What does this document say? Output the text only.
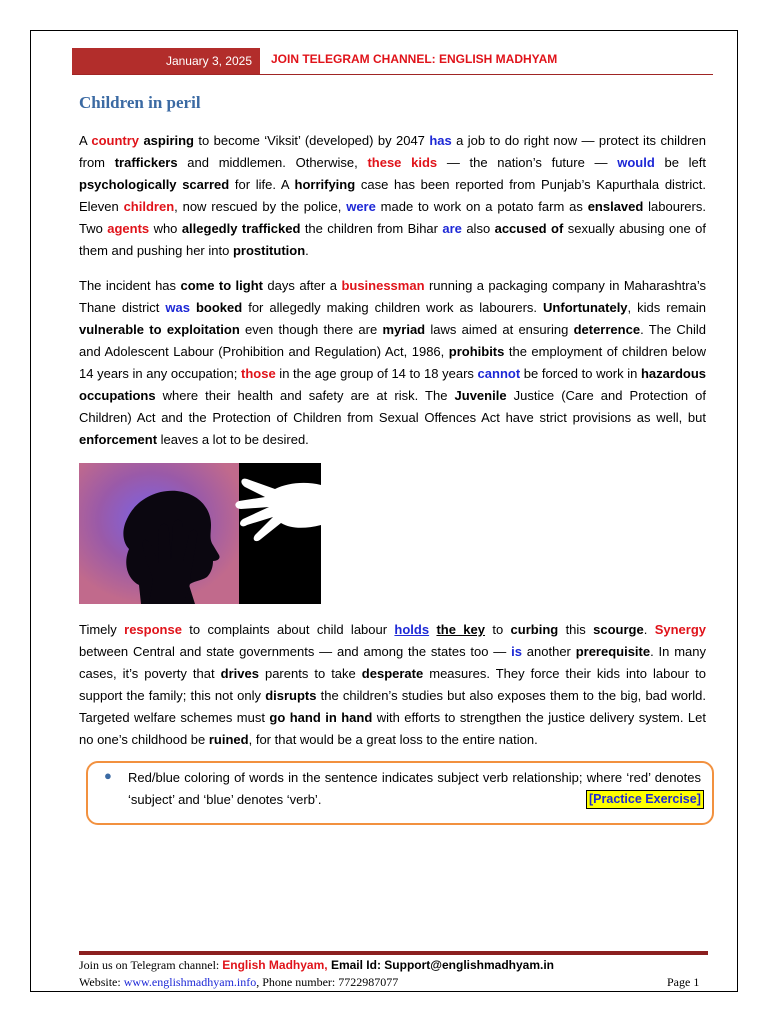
January 3, 2025	JOIN TELEGRAM CHANNEL: ENGLISH MADHYAM
Children in peril

A country aspiring to become ‘Viksit’ (developed) by 2047 has a job to do right now — protect its children from traffickers and middlemen. Otherwise, these kids — the nation’s future — would be left psychologically scarred for life. A horrifying case has been reported from Punjab’s Kapurthala district. Eleven children, now rescued by the police, were made to work on a potato farm as enslaved labourers. Two agents who allegedly trafficked the children from Bihar are also accused of sexually abusing one of them and pushing her into prostitution.

The incident has come to light days after a businessman running a packaging company in Maharashtra’s Thane district was booked for allegedly making children work as labourers. Unfortunately, kids remain vulnerable to exploitation even though there are myriad laws aimed at ensuring deterrence. The Child and Adolescent Labour (Prohibition and Regulation) Act, 1986, prohibits the employment of children below 14 years in any occupation; those in the age group of 14 to 18 years cannot be forced to work in hazardous occupations where their health and safety are at risk. The Juvenile Justice (Care and Protection of Children) Act and the Protection of Children from Sexual Offences Act have strict provisions as well, but enforcement leaves a lot to be desired.

Timely response to complaints about child labour holds the key to curbing this scourge. Synergy between Central and state governments — and among the states too — is another prerequisite. In many cases, it’s poverty that drives parents to take desperate measures. They force their kids into labour to support the family; this not only disrupts the children’s studies but also exposes them to the big, bad world. Targeted welfare schemes must go hand in hand with efforts to strengthen the justice delivery system. Let no one’s childhood be ruined, for that would be a great loss to the entire nation.

● Red/blue coloring of words in the sentence indicates subject verb relationship; where ‘red’ denotes ‘subject’ and ‘blue’ denotes ‘verb’.	[Practice Exercise]
Join us on Telegram channel: English Madhyam, Email Id: Support@englishmadhyam.in
Website: www.englishmadhyam.info, Phone number: 7722987077	Page 1
